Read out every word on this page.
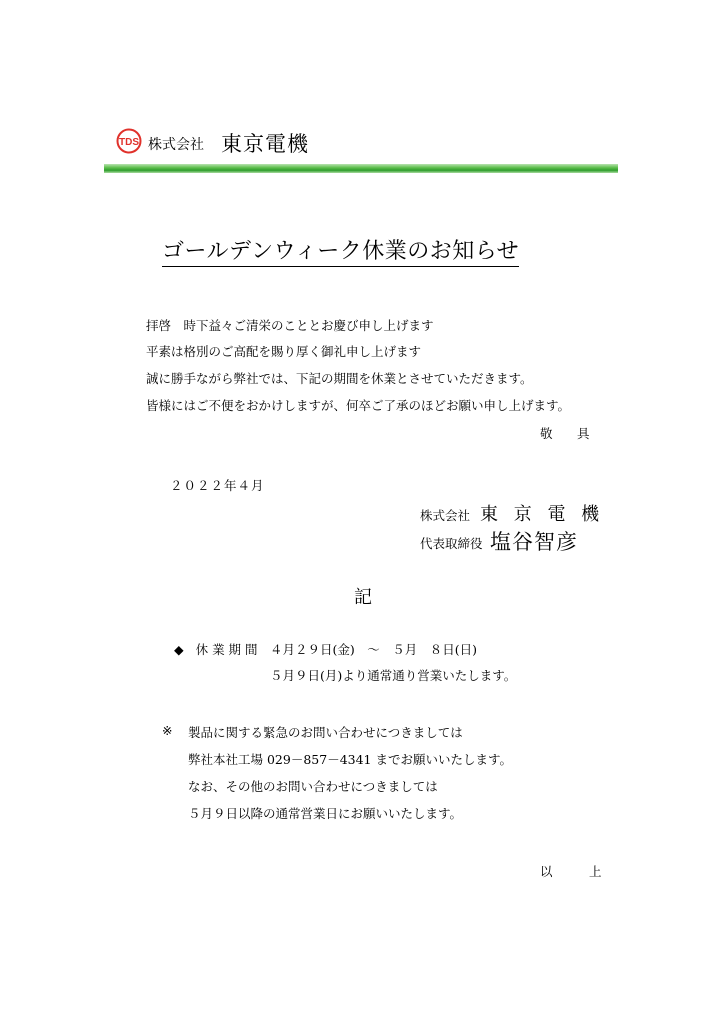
TDS 株式会社 東京電機
ゴールデンウィーク休業のお知らせ
拝啓　時下益々ご清栄のこととお慶び申し上げます
平素は格別のご高配を賜り厚く御礼申し上げます
誠に勝手ながら弊社では、下記の期間を休業とさせていただきます。
皆様にはご不便をおかけしますが、何卒ご了承のほどお願い申し上げます。
敬　具
２０２２年４月
株式会社 東 京 電 機
代表取締役 塩谷智彦
記
◆ 休 業 期 間　４月２９日(金)　～　５月　８日(日)
５月９日(月)より通常通り営業いたします。
※ 製品に関する緊急のお問い合わせにつきましては
弊社本社工場 029－857－4341 までお願いいたします。
なお、その他のお問い合わせにつきましては
５月９日以降の通常営業日にお願いいたします。
以　上
